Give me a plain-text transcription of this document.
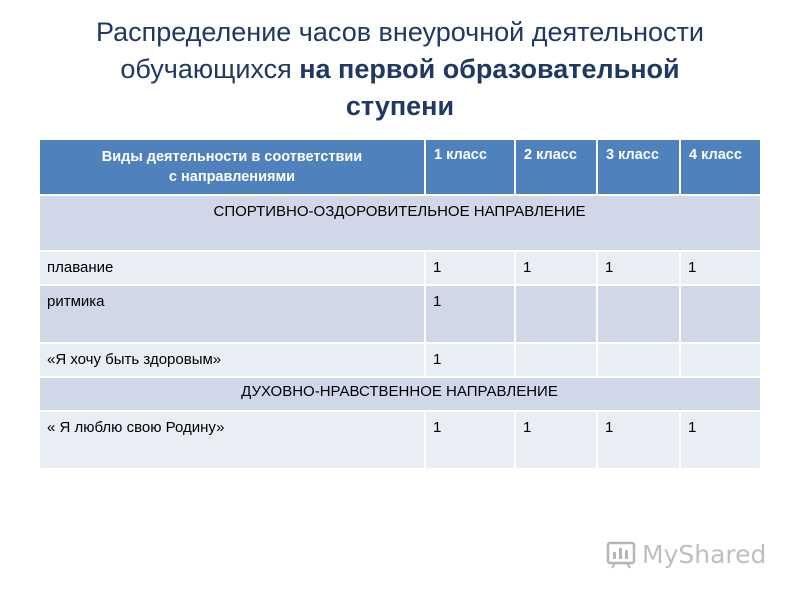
Распределение часов внеурочной деятельности
обучающихся на первой образовательной
ступени
Виды деятельности в соответствии
с направлениями	1 класс	2 класс	3 класс	4 класс

СПОРТИВНО-ОЗДОРОВИТЕЛЬНОЕ НАПРАВЛЕНИЕ				

плавание	1	1	1	1

ритмика	1			

«Я хочу быть здоровым»	1			

ДУХОВНО-НРАВСТВЕННОЕ НАПРАВЛЕНИЕ				

« Я люблю свою Родину»	1	1	1	1
MyShared
